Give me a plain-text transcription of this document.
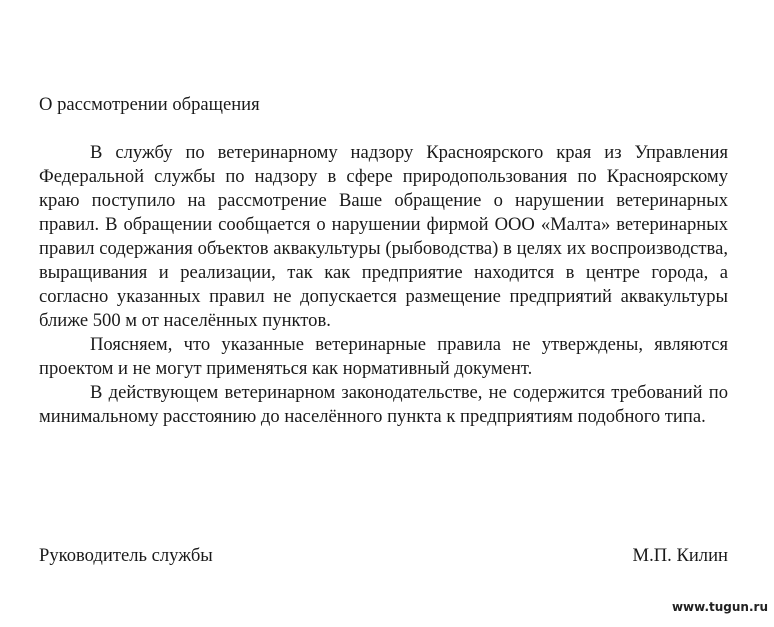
О рассмотрении обращения

В службу по ветеринарному надзору Красноярского края из Управления Федеральной службы по надзору в сфере природопользования по Красноярскому краю поступило на рассмотрение Ваше обращение о нарушении ветеринарных правил. В обращении сообщается о нарушении фирмой ООО «Малта» ветеринарных правил содержания объектов аквакультуры (рыбоводства) в целях их воспроизводства, выращивания и реализации, так как предприятие находится в центре города, а согласно указанных правил не допускается размещение предприятий аквакультуры ближе 500 м от населённых пунктов.

Поясняем, что указанные ветеринарные правила не утверждены, являются проектом и не могут применяться как нормативный документ.

В действующем ветеринарном законодательстве, не содержится требований по минимальному расстоянию до населённого пункта к предприятиям подобного типа.

Руководитель службы	М.П. Килин
www.tugun.ru
